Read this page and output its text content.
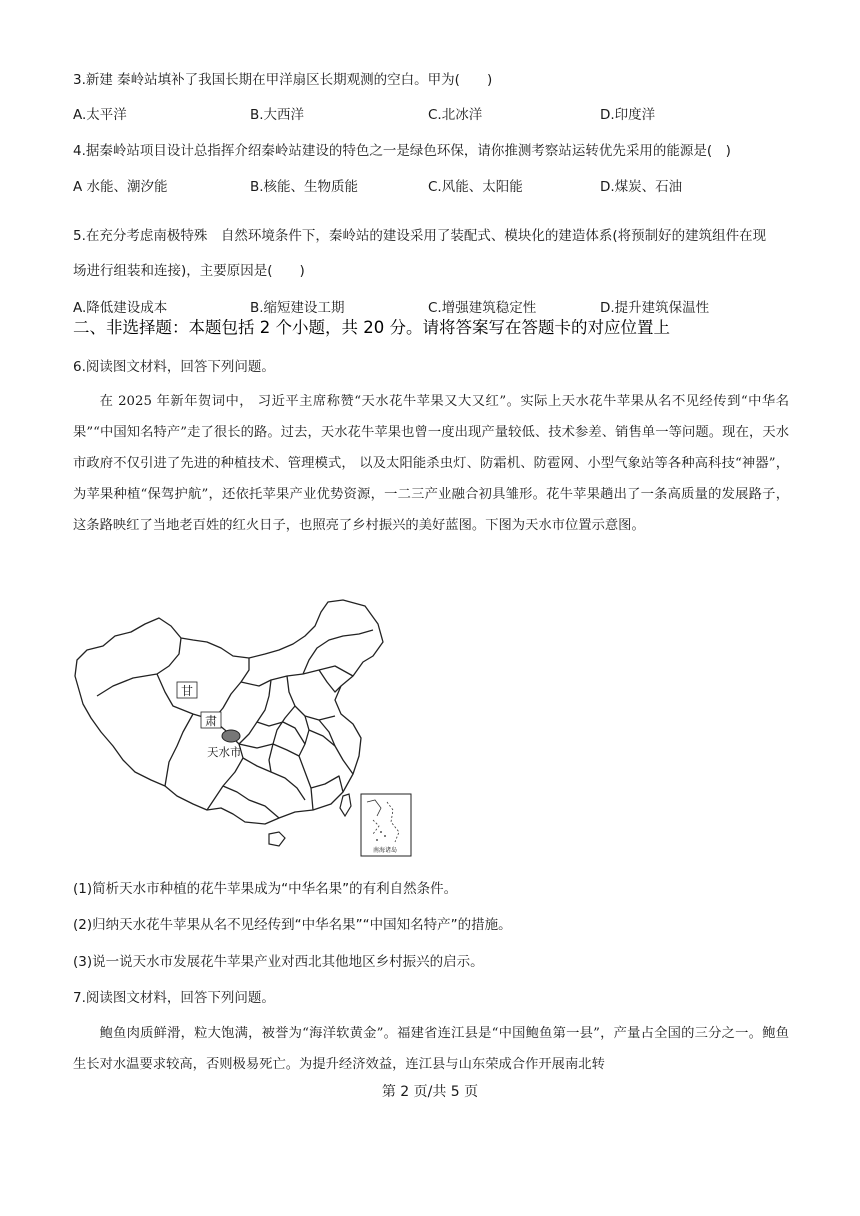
3.新建 秦岭站填补了我国长期在甲洋扇区长期观测的空白。甲为(　　)
A.太平洋	B.大西洋	C.北冰洋	D.印度洋
4.据秦岭站项目设计总指挥介绍秦岭站建设的特色之一是绿色环保，请你推测考察站运转优先采用的能源是(　)
A 水能、潮汐能	B.核能、生物质能	C.风能、太阳能	D.煤炭、石油
5.在充分考虑南极特殊　自然环境条件下，秦岭站的建设采用了装配式、模块化的建造体系(将预制好的建筑组件在现
场进行组装和连接)，主要原因是(　　)
A.降低建设成本	B.缩短建设工期	C.增强建筑稳定性	D.提升建筑保温性
二、非选择题：本题包括 2 个小题，共 20 分。请将答案写在答题卡的对应位置上
6.阅读图文材料，回答下列问题。

在 2025 年新年贺词中， 习近平主席称赞“天水花牛苹果又大又红”。实际上天水花牛苹果从名不见经传到“中华名果”“中国知名特产”走了很长的路。过去，天水花牛苹果也曾一度出现产量较低、技术参差、销售单一等问题。现在，天水市政府不仅引进了先进的种植技术、管理模式， 以及太阳能杀虫灯、防霜机、防雹网、小型气象站等各种高科技“神器”，为苹果种植“保驾护航”，还依托苹果产业优势资源，一二三产业融合初具雏形。花牛苹果趟出了一条高质量的发展路子，这条路映红了当地老百姓的红火日子，也照亮了乡村振兴的美好蓝图。下图为天水市位置示意图。

甘
肃
天水市
南海诸岛
(1)简析天水市种植的花牛苹果成为“中华名果”的有利自然条件。
(2)归纳天水花牛苹果从名不见经传到“中华名果”“中国知名特产”的措施。
(3)说一说天水市发展花牛苹果产业对西北其他地区乡村振兴的启示。
7.阅读图文材料，回答下列问题。

鲍鱼肉质鲜滑，粒大饱满，被誉为“海洋软黄金”。福建省连江县是“中国鲍鱼第一县”，产量占全国的三分之一。鲍鱼生长对水温要求较高，否则极易死亡。为提升经济效益，连江县与山东荣成合作开展南北转

第 2 页/共 5 页
